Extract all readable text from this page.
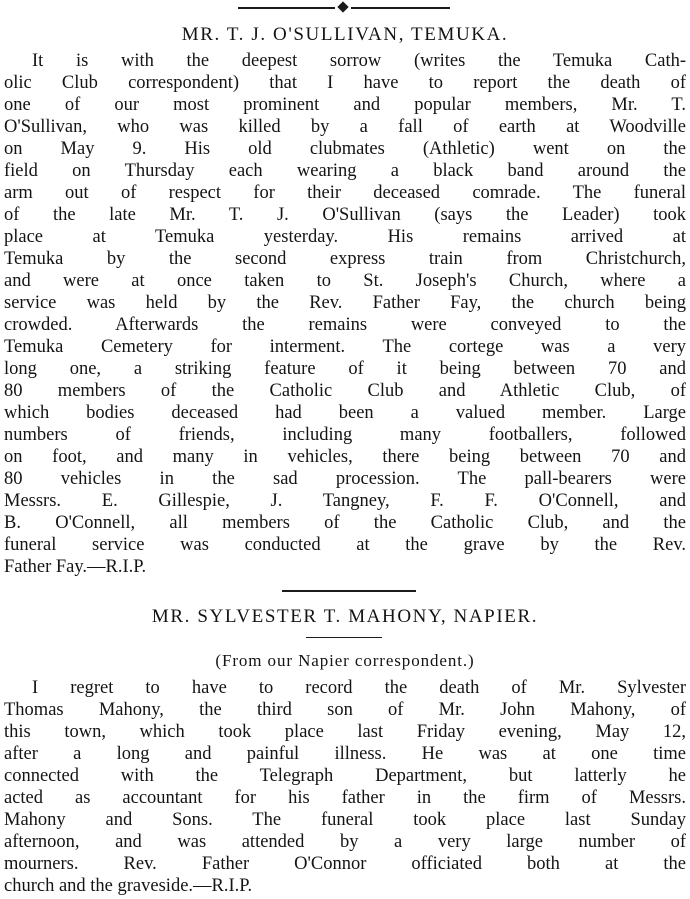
MR. T. J. O'SULLIVAN, TEMUKA.
It is with the deepest sorrow (writes the Temuka Cath-
olic Club correspondent) that I have to report the death of
one of our most prominent and popular members, Mr. T.
O'Sullivan, who was killed by a fall of earth at Woodville
on May 9. His old clubmates (Athletic) went on the
field on Thursday each wearing a black band around the
arm out of respect for their deceased comrade. The funeral
of the late Mr. T. J. O'Sullivan (says the Leader) took
place at Temuka yesterday. His remains arrived at
Temuka by the second express train from Christchurch,
and were at once taken to St. Joseph's Church, where a
service was held by the Rev. Father Fay, the church being
crowded. Afterwards the remains were conveyed to the
Temuka Cemetery for interment. The cortege was a very
long one, a striking feature of it being between 70 and
80 members of the Catholic Club and Athletic Club, of
which bodies deceased had been a valued member. Large
numbers of friends, including many footballers, followed
on foot, and many in vehicles, there being between 70 and
80 vehicles in the sad procession. The pall-bearers were
Messrs. E. Gillespie, J. Tangney, F. F. O'Connell, and
B. O'Connell, all members of the Catholic Club, and the
funeral service was conducted at the grave by the Rev.
Father Fay.—R.I.P.
MR. SYLVESTER T. MAHONY, NAPIER.
(From our Napier correspondent.)
I regret to have to record the death of Mr. Sylvester
Thomas Mahony, the third son of Mr. John Mahony, of
this town, which took place last Friday evening, May 12,
after a long and painful illness. He was at one time
connected with the Telegraph Department, but latterly he
acted as accountant for his father in the firm of Messrs.
Mahony and Sons. The funeral took place last Sunday
afternoon, and was attended by a very large number of
mourners. Rev. Father O'Connor officiated both at the
church and the graveside.—R.I.P.
